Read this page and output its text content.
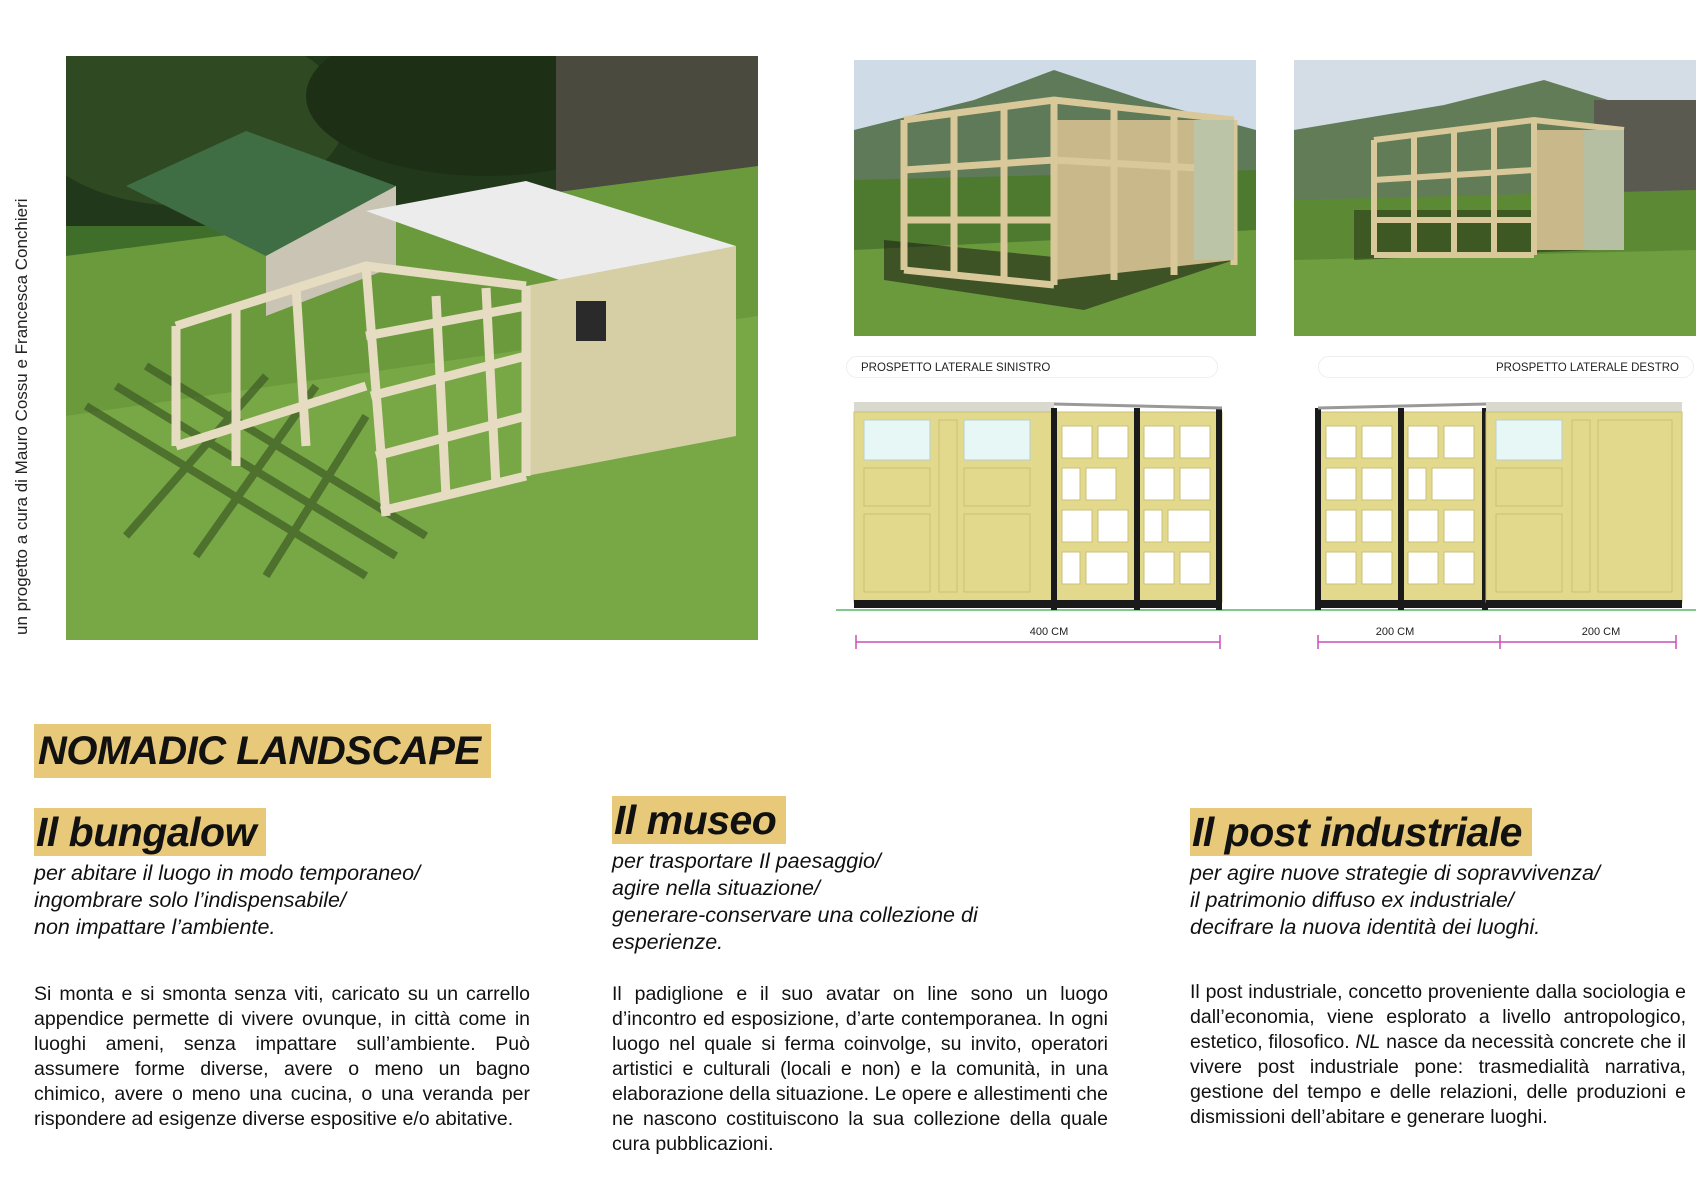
un progetto a cura di Mauro Cossu e Francesca Conchieri	PROSPETTO LATERALE SINISTRO	PROSPETTO LATERALE DESTRO
400 CM	200 CM	200 CM
NOMADIC LANDSCAPE
Il bungalow
per abitare il luogo in modo temporaneo/
ingombrare solo l’indispensabile/
non impattare l’ambiente.
Si monta e si smonta senza viti, caricato su un carrello appendice permette di vivere ovunque, in città come in luoghi ameni, senza impattare sull’ambiente. Può assumere forme diverse, avere o meno un bagno chimico, avere o meno una cucina, o una veranda per rispondere ad esigenze diverse espositive e/o abitative.
Il museo
per trasportare Il paesaggio/
agire nella situazione/
generare-conservare una collezione di
esperienze.
Il padiglione e il suo avatar on line sono un luogo d’incontro ed esposizione, d’arte contemporanea. In ogni luogo nel quale si ferma coinvolge, su invito, operatori artistici e culturali (locali e non) e la comunità, in una elaborazione della situazione. Le opere e allestimenti che ne nascono costituiscono la sua collezione della quale cura pubblicazioni.
Il post industriale
per agire nuove strategie di sopravvivenza/
il patrimonio diffuso ex industriale/
decifrare la nuova identità dei luoghi.
Il post industriale, concetto proveniente dalla sociologia e dall’economia, viene esplorato a livello antropologico, estetico, filosofico. NL nasce da necessità concrete che il vivere post industriale pone: trasmedialità narrativa, gestione del tempo e delle relazioni, delle produzioni e dismissioni dell’abitare e generare luoghi.
